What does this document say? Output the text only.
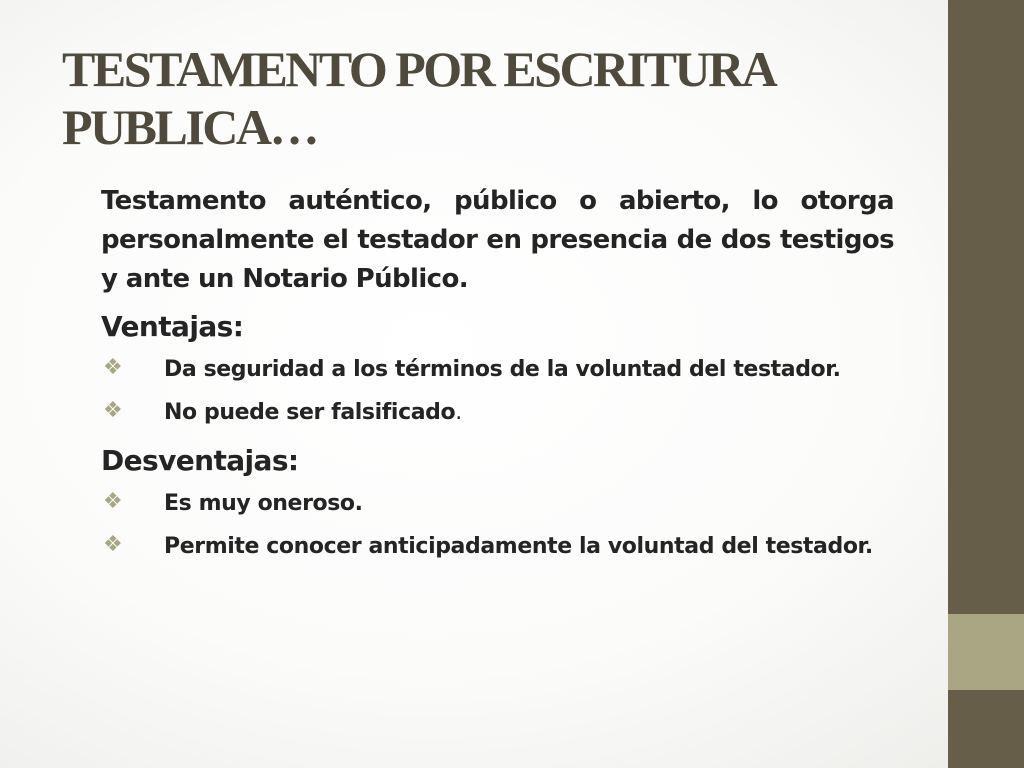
TESTAMENTO POR ESCRITURA
PUBLICA…

Testamento auténtico, público o abierto, lo otorga personalmente el testador en presencia de dos testigos y ante un Notario Público.

Ventajas:

❖ Da seguridad a los términos de la voluntad del testador.
❖ No puede ser falsificado.

Desventajas:

❖ Es muy oneroso.
❖ Permite conocer anticipadamente la voluntad del testador.
